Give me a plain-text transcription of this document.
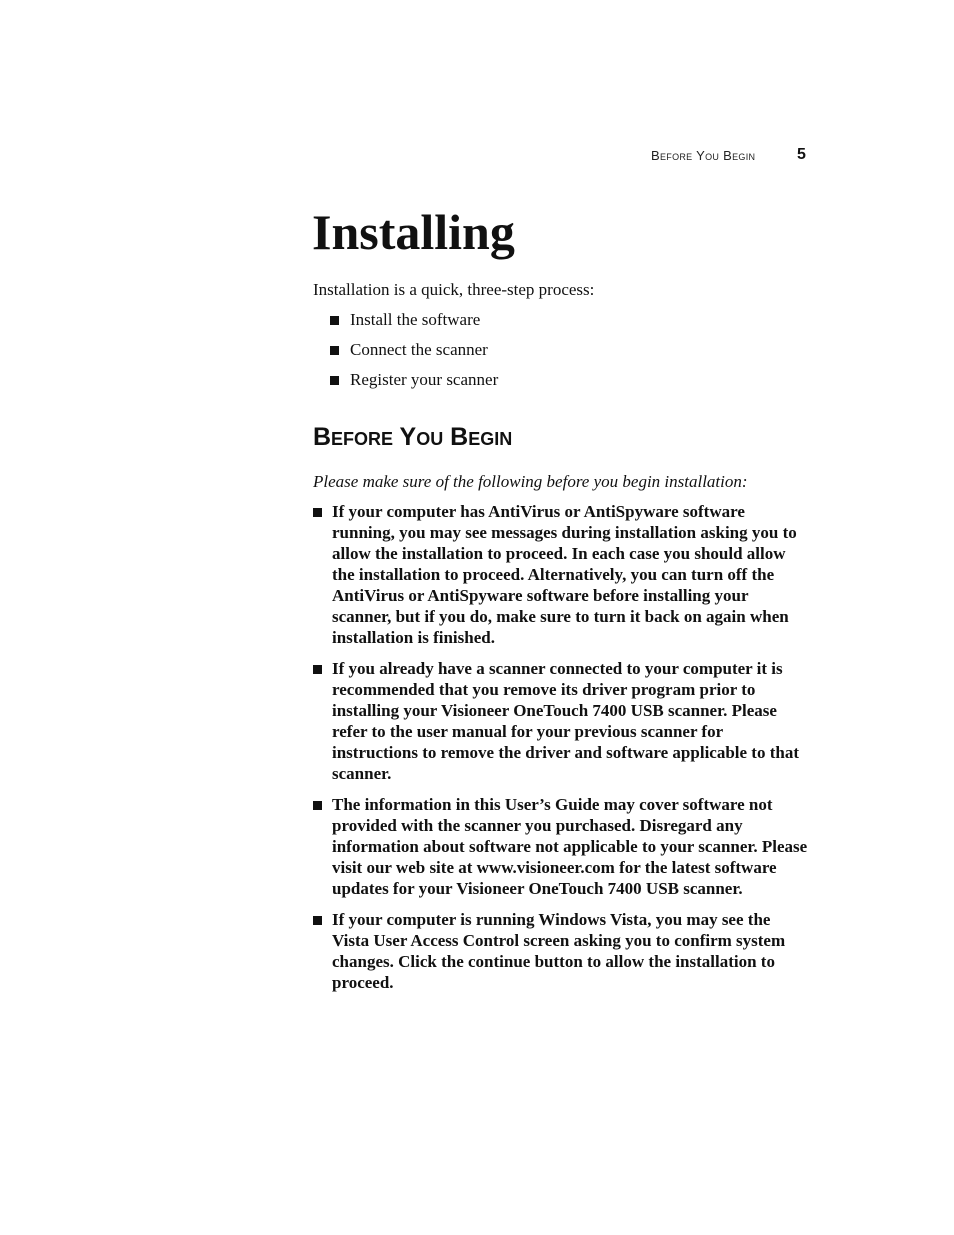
Before You Begin	5
Installing

Installation is a quick, three-step process:

Install the software
Connect the scanner
Register your scanner
Before You Begin

Please make sure of the following before you begin installation:

If your computer has AntiVirus or AntiSpyware software running, you may see messages during installation asking you to allow the installation to proceed. In each case you should allow the installation to proceed. Alternatively, you can turn off the AntiVirus or AntiSpyware software before installing your scanner, but if you do, make sure to turn it back on again when installation is finished.
If you already have a scanner connected to your computer it is recommended that you remove its driver program prior to installing your Visioneer OneTouch 7400 USB scanner. Please refer to the user manual for your previous scanner for instructions to remove the driver and software applicable to that scanner.
The information in this User’s Guide may cover software not provided with the scanner you purchased. Disregard any information about software not applicable to your scanner. Please visit our web site at www.visioneer.com for the latest software updates for your Visioneer OneTouch 7400 USB scanner.
If your computer is running Windows Vista, you may see the Vista User Access Control screen asking you to confirm system changes. Click the continue button to allow the installation to proceed.
